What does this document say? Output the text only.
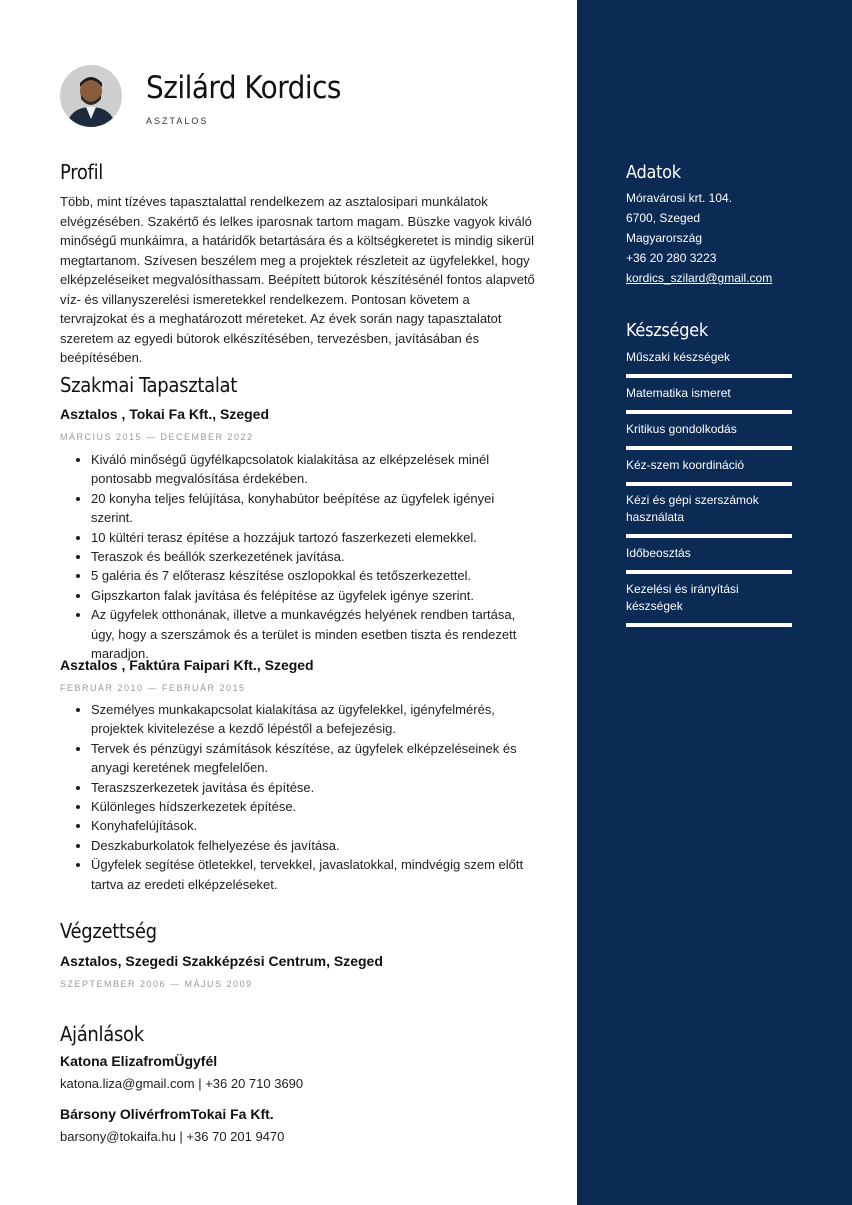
Szilárd Kordics
ASZTALOS
Profil
Több, mint tízéves tapasztalattal rendelkezem az asztalosipari munkálatok elvégzésében. Szakértő és lelkes iparosnak tartom magam. Büszke vagyok kiváló minőségű munkáimra, a határidők betartására és a költségkeretet is mindig sikerül megtartanom. Szívesen beszélem meg a projektek részleteit az ügyfelekkel, hogy elképzeléseiket megvalósíthassam. Beépített bútorok készítésénél fontos alapvető víz- és villanyszerelési ismeretekkel rendelkezem. Pontosan követem a tervrajzokat és a meghatározott méreteket. Az évek során nagy tapasztalatot szeretem az egyedi bútorok elkészítésében, tervezésben, javításában és beépítésében.
Szakmai Tapasztalat
Asztalos , Tokai Fa Kft., Szeged
MÁRCIUS 2015 — DECEMBER 2022
• Kiváló minőségű ügyfélkapcsolatok kialakítása az elképzelések minél pontosabb megvalósítása érdekében.
• 20 konyha teljes felújítása, konyhabútor beépítése az ügyfelek igényei szerint.
• 10 kültéri terasz építése a hozzájuk tartozó faszerkezeti elemekkel.
• Teraszok és beállók szerkezetének javítása.
• 5 galéria és 7 előterasz készítése oszlopokkal és tetőszerkezettel.
• Gipszkarton falak javítása és felépítése az ügyfelek igénye szerint.
• Az ügyfelek otthonának, illetve a munkavégzés helyének rendben tartása, úgy, hogy a szerszámok és a terület is minden esetben tiszta és rendezett maradjon.
Asztalos , Faktúra Faipari Kft., Szeged
FEBRUÁR 2010 — FEBRUÁR 2015
• Személyes munkakapcsolat kialakítása az ügyfelekkel, igényfelmérés, projektek kivitelezése a kezdő lépéstől a befejezésig.
• Tervek és pénzügyi számítások készítése, az ügyfelek elképzeléseinek és anyagi keretének megfelelően.
• Teraszszerkezetek javítása és építése.
• Különleges hídszerkezetek építése.
• Konyhafelújítások.
• Deszkaburkolatok felhelyezése és javítása.
• Ügyfelek segítése ötletekkel, tervekkel, javaslatokkal, mindvégig szem előtt tartva az eredeti elképzeléseket.
Végzettség
Asztalos, Szegedi Szakképzési Centrum, Szeged
SZEPTEMBER 2006 — MÁJUS 2009
Ajánlások
Katona ElizafromÜgyfél
katona.liza@gmail.com | +36 20 710 3690
Bársony OlivérfromTokai Fa Kft.
barsony@tokaifa.hu | +36 70 201 9470
Adatok
Móravárosi krt. 104.
6700, Szeged
Magyarország
+36 20 280 3223
kordics_szilard@gmail.com
Készségek
Műszaki készségek
Matematika ismeret
Kritikus gondolkodás
Kéz-szem koordináció
Kézi és gépi szerszámok használata
Időbeosztás
Kezelési és irányítási készségek
